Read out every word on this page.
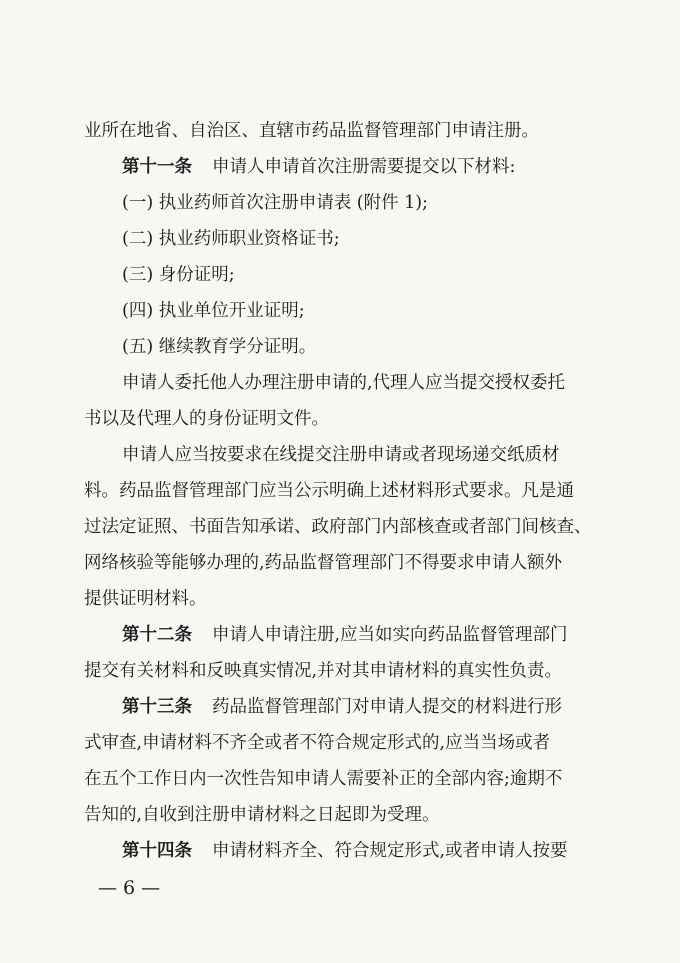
业所在地省、自治区、直辖市药品监督管理部门申请注册。
第十一条 申请人申请首次注册需要提交以下材料:
(一) 执业药师首次注册申请表 (附件 1);
(二) 执业药师职业资格证书;
(三) 身份证明;
(四) 执业单位开业证明;
(五) 继续教育学分证明。
申请人委托他人办理注册申请的,代理人应当提交授权委托
书以及代理人的身份证明文件。
申请人应当按要求在线提交注册申请或者现场递交纸质材
料。药品监督管理部门应当公示明确上述材料形式要求。凡是通
过法定证照、书面告知承诺、政府部门内部核查或者部门间核查、
网络核验等能够办理的,药品监督管理部门不得要求申请人额外
提供证明材料。
第十二条 申请人申请注册,应当如实向药品监督管理部门
提交有关材料和反映真实情况,并对其申请材料的真实性负责。
第十三条 药品监督管理部门对申请人提交的材料进行形
式审查,申请材料不齐全或者不符合规定形式的,应当当场或者
在五个工作日内一次性告知申请人需要补正的全部内容;逾期不
告知的,自收到注册申请材料之日起即为受理。
第十四条 申请材料齐全、符合规定形式,或者申请人按要
— 6 —
